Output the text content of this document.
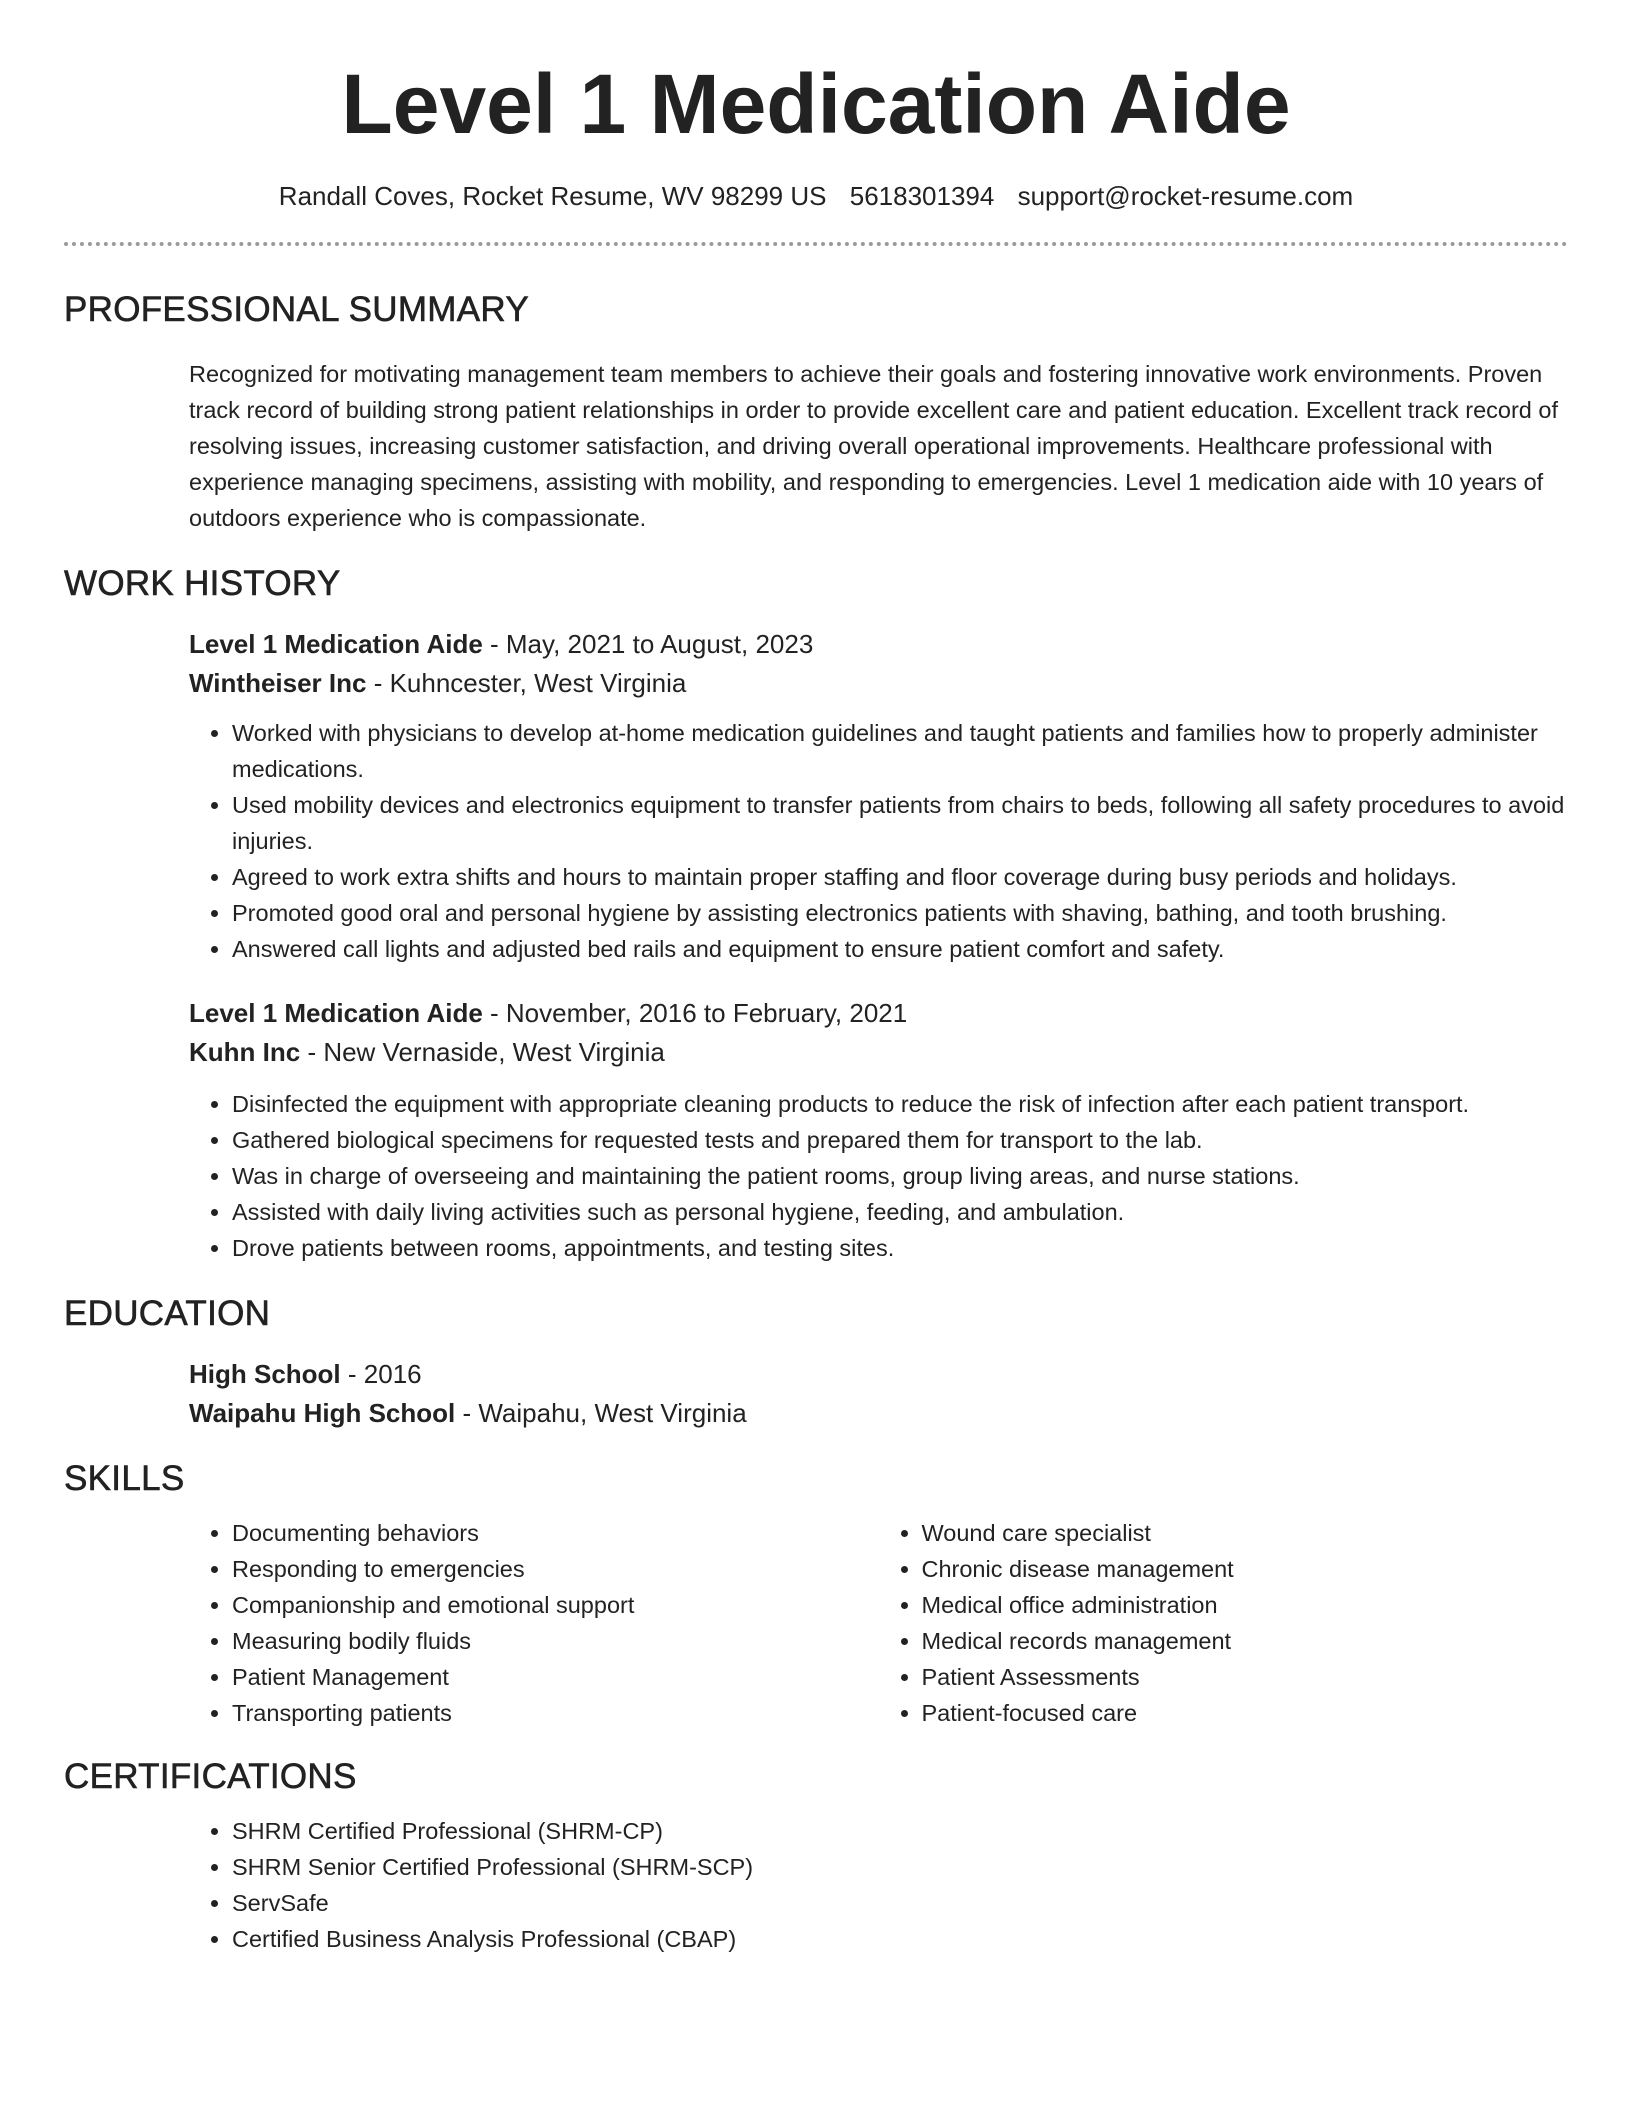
Level 1 Medication Aide
Randall Coves, Rocket Resume, WV 98299 US 5618301394 support@rocket-resume.com
PROFESSIONAL SUMMARY

Recognized for motivating management team members to achieve their goals and fostering innovative work environments. Proven track record of building strong patient relationships in order to provide excellent care and patient education. Excellent track record of resolving issues, increasing customer satisfaction, and driving overall operational improvements. Healthcare professional with experience managing specimens, assisting with mobility, and responding to emergencies. Level 1 medication aide with 10 years of outdoors experience who is compassionate.

WORK HISTORY

Level 1 Medication Aide - May, 2021 to August, 2023

Wintheiser Inc - Kuhncester, West Virginia

• Worked with physicians to develop at-home medication guidelines and taught patients and families how to properly administer medications.
• Used mobility devices and electronics equipment to transfer patients from chairs to beds, following all safety procedures to avoid injuries.
• Agreed to work extra shifts and hours to maintain proper staffing and floor coverage during busy periods and holidays.
• Promoted good oral and personal hygiene by assisting electronics patients with shaving, bathing, and tooth brushing.
• Answered call lights and adjusted bed rails and equipment to ensure patient comfort and safety.

Level 1 Medication Aide - November, 2016 to February, 2021

Kuhn Inc - New Vernaside, West Virginia

• Disinfected the equipment with appropriate cleaning products to reduce the risk of infection after each patient transport.
• Gathered biological specimens for requested tests and prepared them for transport to the lab.
• Was in charge of overseeing and maintaining the patient rooms, group living areas, and nurse stations.
• Assisted with daily living activities such as personal hygiene, feeding, and ambulation.
• Drove patients between rooms, appointments, and testing sites.
EDUCATION

High School - 2016

Waipahu High School - Waipahu, West Virginia

SKILLS
• Documenting behaviors
• Responding to emergencies
• Companionship and emotional support
• Measuring bodily fluids
• Patient Management
• Transporting patients
• Wound care specialist
• Chronic disease management
• Medical office administration
• Medical records management
• Patient Assessments
• Patient-focused care
CERTIFICATIONS
• SHRM Certified Professional (SHRM-CP)
• SHRM Senior Certified Professional (SHRM-SCP)
• ServSafe
• Certified Business Analysis Professional (CBAP)
